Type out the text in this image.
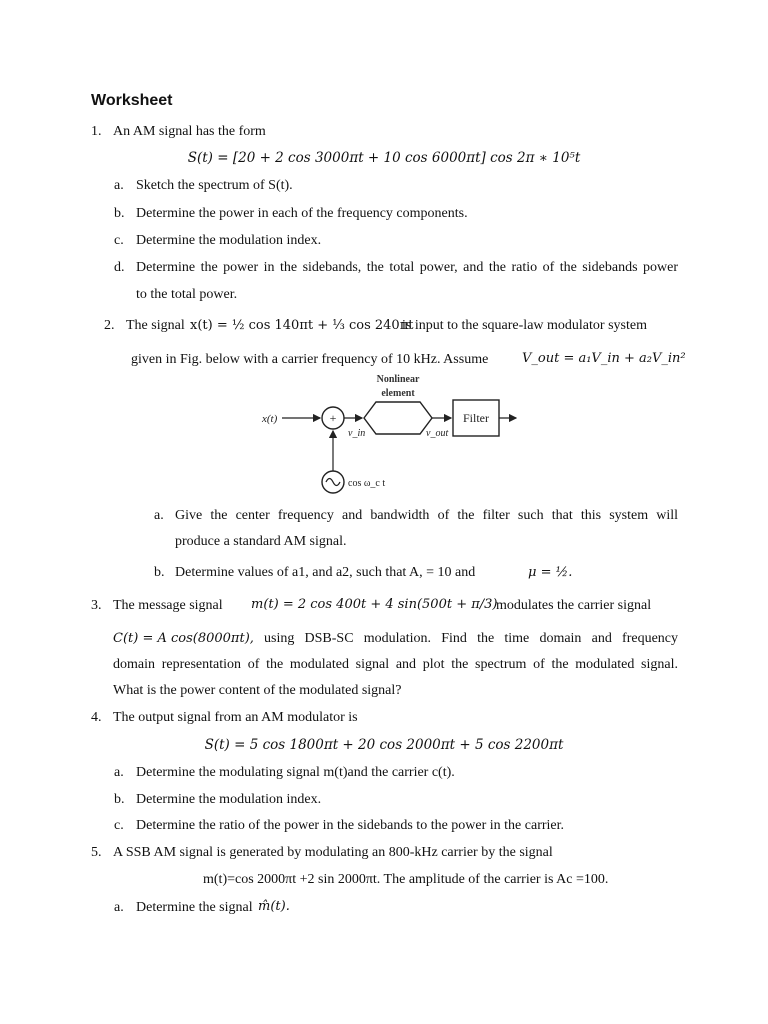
Worksheet
1. An AM signal has the form
S(t) = [20 + 2 cos 3000πt + 10 cos 6000πt] cos 2π ∗ 10⁵t
a. Sketch the spectrum of S(t).
b. Determine the power in each of the frequency components.
c. Determine the modulation index.
d. Determine the power in the sidebands, the total power, and the ratio of the sidebands power
to the total power.
2. The signal x(t) = ½ cos 140πt + ⅓ cos 240πt
is input to the square-law modulator system
given in Fig. below with a carrier frequency of 10 kHz. Assume	V_out = a₁V_in + a₂V_in²
Nonlinear
element
x(t)	+
v_in	v_out
Filter
cos ω_c t
a. Give the center frequency and bandwidth of the filter such that this system will
produce a standard AM signal.
b. Determine values of a1, and a2, such that A, = 10 and	μ = ½.
3. The message signal m(t) = 2 cos 400t + 4 sin(500t + π/3)
modulates the carrier signal
C(t) = A cos(8000πt), using DSB-SC modulation. Find the time domain and frequency
domain representation of the modulated signal and plot the spectrum of the modulated signal.
What is the power content of the modulated signal?
4. The output signal from an AM modulator is
S(t) = 5 cos 1800πt + 20 cos 2000πt + 5 cos 2200πt
a. Determine the modulating signal m(t)and the carrier c(t).
b. Determine the modulation index.
c. Determine the ratio of the power in the sidebands to the power in the carrier.
5. A SSB AM signal is generated by modulating an 800-kHz carrier by the signal
m(t)=cos 2000πt +2 sin 2000πt. The amplitude of the carrier is Ac =100.
a. Determine the signal m̂(t).
